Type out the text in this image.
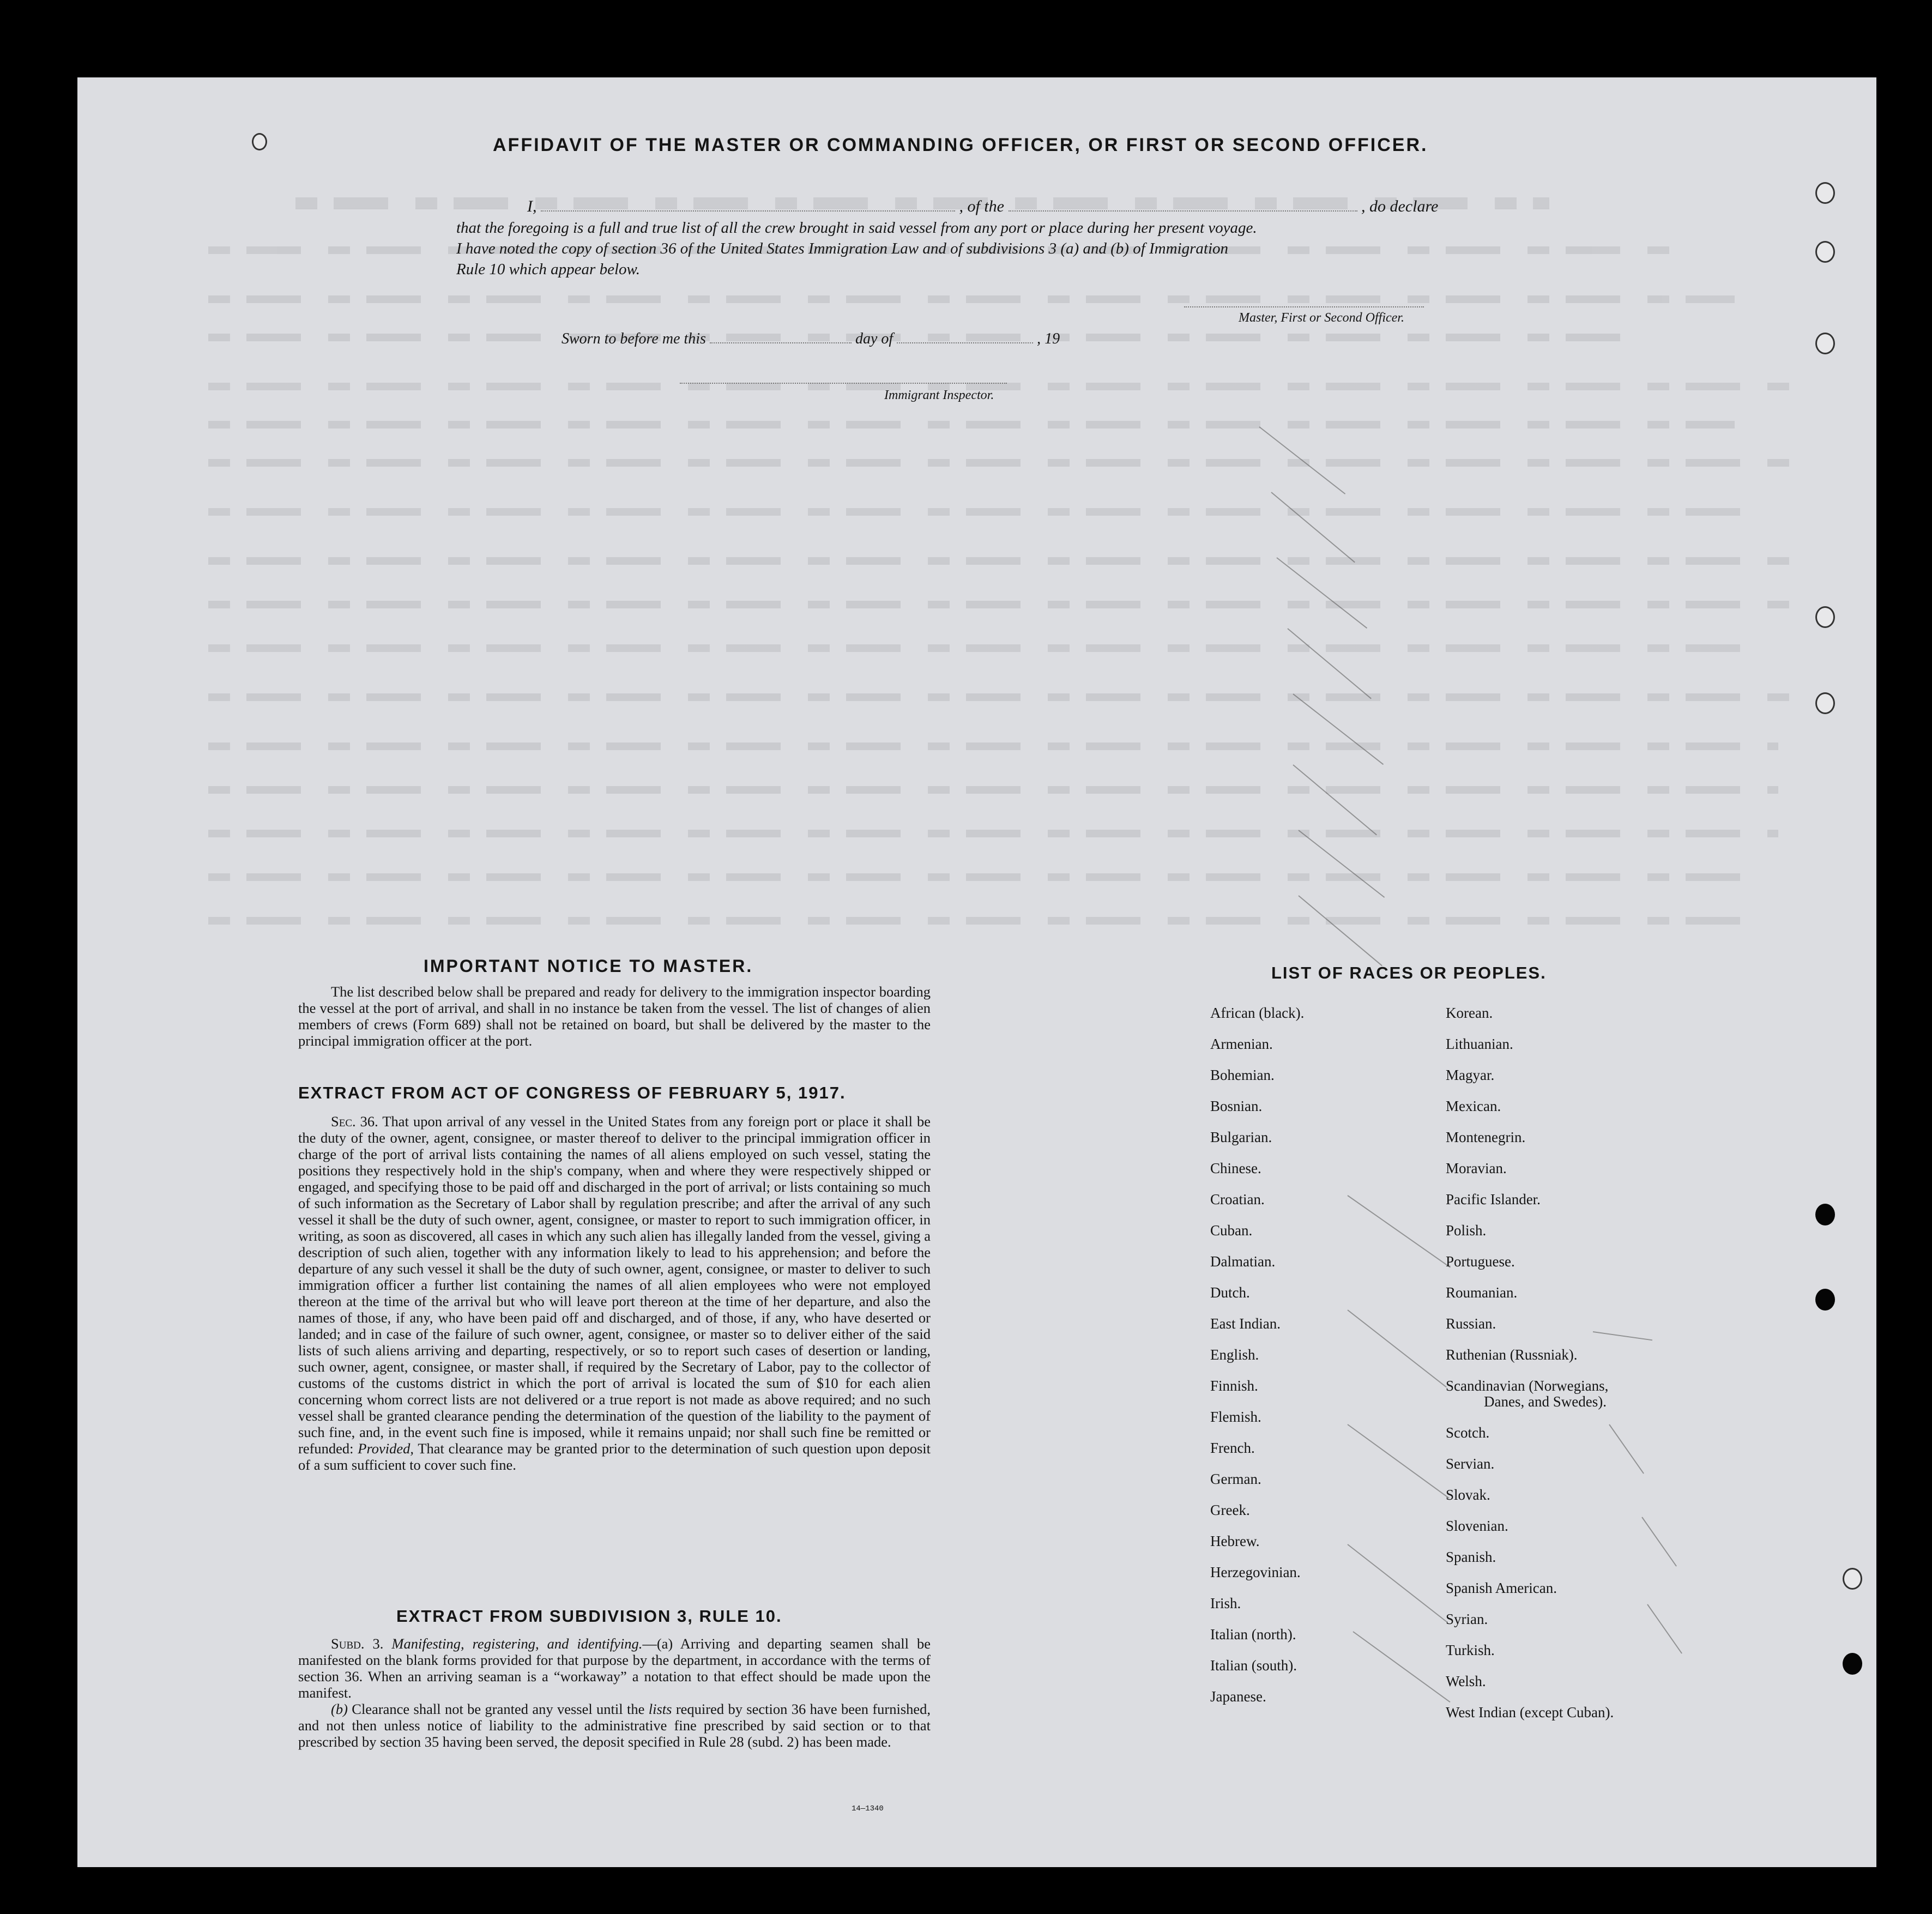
AFFIDAVIT OF THE MASTER OR COMMANDING OFFICER, OR FIRST OR SECOND OFFICER.
I,	, of the	, do declare
that the foregoing is a full and true list of all the crew brought in said vessel from any port or place during her present voyage.
I have noted the copy of section 36 of the United States Immigration Law and of subdivisions 3 (a) and (b) of Immigration
Rule 10 which appear below.
Master, First or Second Officer.
Sworn to before me this	day of	, 19
Immigrant Inspector.
IMPORTANT NOTICE TO MASTER.

The list described below shall be prepared and ready for delivery to the immigration inspector boarding the vessel at the port of arrival, and shall in no instance be taken from the vessel. The list of changes of alien members of crews (Form 689) shall not be retained on board, but shall be delivered by the master to the principal immigration officer at the port.

EXTRACT FROM ACT OF CONGRESS OF FEBRUARY 5, 1917.

Sec. 36. That upon arrival of any vessel in the United States from any foreign port or place it shall be the duty of the owner, agent, consignee, or master thereof to deliver to the principal immigration officer in charge of the port of arrival lists containing the names of all aliens employed on such vessel, stating the positions they respectively hold in the ship's company, when and where they were respectively shipped or engaged, and specifying those to be paid off and discharged in the port of arrival; or lists containing so much of such information as the Secretary of Labor shall by regulation prescribe; and after the arrival of any such vessel it shall be the duty of such owner, agent, consignee, or master to report to such immigration officer, in writing, as soon as discovered, all cases in which any such alien has illegally landed from the vessel, giving a description of such alien, together with any information likely to lead to his apprehension; and before the departure of any such vessel it shall be the duty of such owner, agent, consignee, or master to deliver to such immigration officer a further list containing the names of all alien employees who were not employed thereon at the time of the arrival but who will leave port thereon at the time of her departure, and also the names of those, if any, who have been paid off and discharged, and of those, if any, who have deserted or landed; and in case of the failure of such owner, agent, consignee, or master so to deliver either of the said lists of such aliens arriving and departing, respectively, or so to report such cases of desertion or landing, such owner, agent, consignee, or master shall, if required by the Secretary of Labor, pay to the collector of customs of the customs district in which the port of arrival is located the sum of $10 for each alien concerning whom correct lists are not delivered or a true report is not made as above required; and no such vessel shall be granted clearance pending the determination of the question of the liability to the payment of such fine, and, in the event such fine is imposed, while it remains unpaid; nor shall such fine be remitted or refunded: Provided, That clearance may be granted prior to the determination of such question upon deposit of a sum sufficient to cover such fine.

EXTRACT FROM SUBDIVISION 3, RULE 10.

Subd. 3. Manifesting, registering, and identifying.—(a) Arriving and departing seamen shall be manifested on the blank forms provided for that purpose by the department, in accordance with the terms of section 36. When an arriving seaman is a “workaway” a notation to that effect should be made upon the manifest.

(b) Clearance shall not be granted any vessel until the lists required by section 36 have been furnished, and not then unless notice of liability to the administrative fine prescribed by said section or to that prescribed by section 35 having been served, the deposit specified in Rule 28 (subd. 2) has been made.

14—1340
LIST OF RACES OR PEOPLES.
African (black).
Armenian.
Bohemian.
Bosnian.
Bulgarian.
Chinese.
Croatian.
Cuban.
Dalmatian.
Dutch.
East Indian.
English.
Finnish.
Flemish.
French.
German.
Greek.
Hebrew.
Herzegovinian.
Irish.
Italian (north).
Italian (south).
Japanese.
Korean.
Lithuanian.
Magyar.
Mexican.
Montenegrin.
Moravian.
Pacific Islander.
Polish.
Portuguese.
Roumanian.
Russian.
Ruthenian (Russniak).
Scandinavian (Norwegians,
Danes, and Swedes).
Scotch.
Servian.
Slovak.
Slovenian.
Spanish.
Spanish American.
Syrian.
Turkish.
Welsh.
West Indian (except Cuban).
